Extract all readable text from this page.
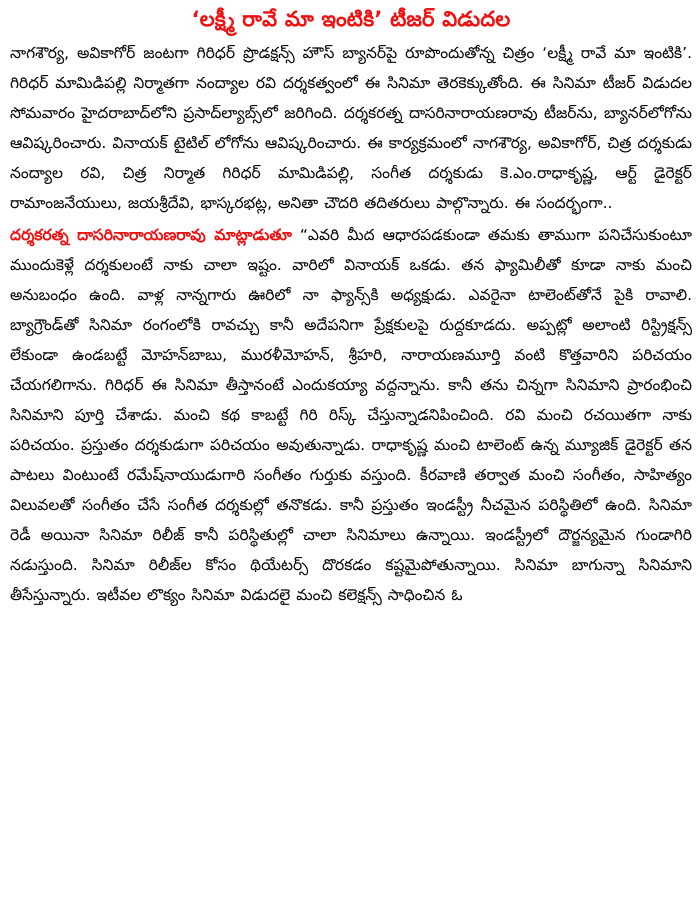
‘లక్ష్మీ రావే మా ఇంటికి’ టీజర్ విడుదల

నాగశౌర్య, అవికాగోర్ జంటగా గిరిధర్ ప్రొడక్షన్స్ హౌస్ బ్యానర్‌పై రూపొందుతోన్న చిత్రం ‘లక్ష్మీ రావే మా ఇంటికి’. గిరిధర్ మామిడిపల్లి నిర్మాతగా నంద్యాల రవి దర్శకత్వంలో ఈ సినిమా తెరకెక్కుతోంది. ఈ సినిమా టీజర్ విడుదల సోమవారం హైదరాబాద్‌లోని ప్రసాద్‌ల్యాబ్స్‌లో జరిగింది. దర్శకరత్న దాసరినారాయణరావు టీజర్‌ను, బ్యానర్‌లోగోను ఆవిష్కరించారు. వినాయక్ టైటిల్ లోగోను ఆవిష్కరించారు. ఈ కార్యక్రమంలో నాగశౌర్య, అవికాగోర్, చిత్ర దర్శకుడు నంద్యాల రవి, చిత్ర నిర్మాత గిరిధర్ మామిడిపల్లి, సంగీత దర్శకుడు కె.ఎం.రాధాకృష్ణ, ఆర్ట్ డైరెక్టర్ రామాంజనేయులు, జయశ్రీదేవి, భాస్కరభట్ల, అనితా చౌదరి తదితరులు పాల్గొన్నారు. ఈ సందర్భంగా..

దర్శకరత్న దాసరినారాయణరావు మాట్లాడుతూ “ఎవరి మీద ఆధారపడకుండా తమకు తాముగా పనిచేసుకుంటూ ముందుకెళ్లే దర్శకులంటే నాకు చాలా ఇష్టం. వారిలో వినాయక్ ఒకడు. తన ఫ్యామిలీతో కూడా నాకు మంచి అనుబంధం ఉంది. వాళ్ల నాన్నగారు ఊరిలో నా ఫ్యాన్స్‌కి అధ్యక్షుడు. ఎవరైనా టాలెంట్‌తోనే పైకి రావాలి. బ్యాగ్రౌండ్‌తో సినిమా రంగంలోకి రావచ్చు కానీ అదేపనిగా ప్రేక్షకులపై రుద్దకూడదు. అప్పట్లో అలాంటి రిస్ట్రిక్షన్స్ లేకుండా ఉండబట్టే మోహన్‌బాబు, మురళీమోహన్, శ్రీహరి, నారాయణమూర్తి వంటి కొత్తవారిని పరిచయం చేయగలిగాను. గిరిధర్ ఈ సినిమా తీస్తానంటే ఎందుకయ్యా వద్దన్నాను. కానీ తను చిన్నగా సినిమాని ప్రారంభించి సినిమాని పూర్తి చేశాడు. మంచి కథ కాబట్టే గిరి రిస్క్ చేస్తున్నాడనిపించింది. రవి మంచి రచయితగా నాకు పరిచయం. ప్రస్తుతం దర్శకుడుగా పరిచయం అవుతున్నాడు. రాధాకృష్ణ మంచి టాలెంట్ ఉన్న మ్యూజిక్ డైరెక్టర్ తన పాటలు వింటుంటే రమేష్‌నాయుడుగారి సంగీతం గుర్తుకు వస్తుంది. కీరవాణి తర్వాత మంచి సంగీతం, సాహిత్యం విలువలతో సంగీతం చేసే సంగీత దర్శకుల్లో తనొకడు. కానీ ప్రస్తుతం ఇండస్ట్రీ నీచమైన పరిస్థితిలో ఉంది. సినిమా రెడీ అయినా సినిమా రిలీజ్ కానీ పరిస్థితుల్లో చాలా సినిమాలు ఉన్నాయి. ఇండస్ట్రీలో దౌర్జన్యమైన గుండాగిరి నడుస్తుంది. సినిమా రిలీజ్‌ల కోసం థియేటర్స్ దొరకడం కష్టమైపోతున్నాయి. సినిమా బాగున్నా సినిమాని తీసేస్తున్నారు. ఇటీవల లొక్యం సినిమా విడుదలై మంచి కలెక్షన్స్ సాధించిన ఓ
